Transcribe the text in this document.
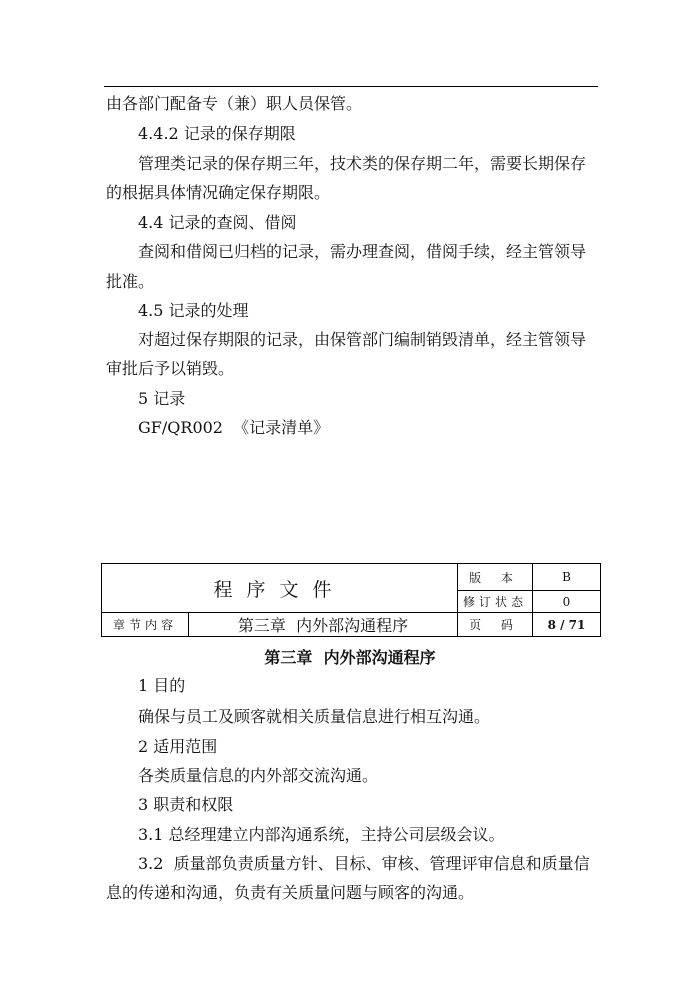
由各部门配备专（兼）职人员保管。
4.4.2 记录的保存期限
管理类记录的保存期三年，技术类的保存期二年，需要长期保存
的根据具体情况确定保存期限。
4.4 记录的查阅、借阅
查阅和借阅已归档的记录，需办理查阅，借阅手续，经主管领导
批准。
4.5 记录的处理
对超过保存期限的记录，由保管部门编制销毁清单，经主管领导
审批后予以销毁。
5 记录
GF/QR002  《记录清单》
程序文件		版 本	B
		修订状态	0
章节内容	第三章  内外部沟通程序	页 码	8 / 71
第三章  内外部沟通程序
1 目的
确保与员工及顾客就相关质量信息进行相互沟通。
2 适用范围
各类质量信息的内外部交流沟通。
3 职责和权限
3.1 总经理建立内部沟通系统，主持公司层级会议。
3.2  质量部负责质量方针、目标、审核、管理评审信息和质量信
息的传递和沟通，负责有关质量问题与顾客的沟通。
